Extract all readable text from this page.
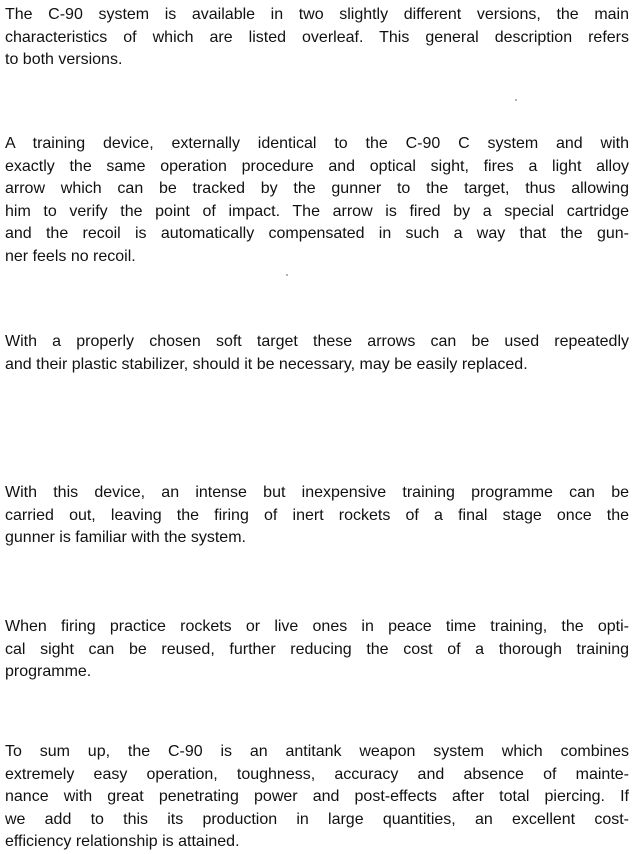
The C-90 system is available in two slightly different versions, the main
characteristics of which are listed overleaf. This general description refers
to both versions.
A training device, externally identical to the C-90 C system and with
exactly the same operation procedure and optical sight, fires a light alloy
arrow which can be tracked by the gunner to the target, thus allowing
him to verify the point of impact. The arrow is fired by a special cartridge
and the recoil is automatically compensated in such a way that the gun-
ner feels no recoil.
With a properly chosen soft target these arrows can be used repeatedly
and their plastic stabilizer, should it be necessary, may be easily replaced.
With this device, an intense but inexpensive training programme can be
carried out, leaving the firing of inert rockets of a final stage once the
gunner is familiar with the system.
When firing practice rockets or live ones in peace time training, the opti-
cal sight can be reused, further reducing the cost of a thorough training
programme.
To sum up, the C-90 is an antitank weapon system which combines
extremely easy operation, toughness, accuracy and absence of mainte-
nance with great penetrating power and post-effects after total piercing. If
we add to this its production in large quantities, an excellent cost-
efficiency relationship is attained.
